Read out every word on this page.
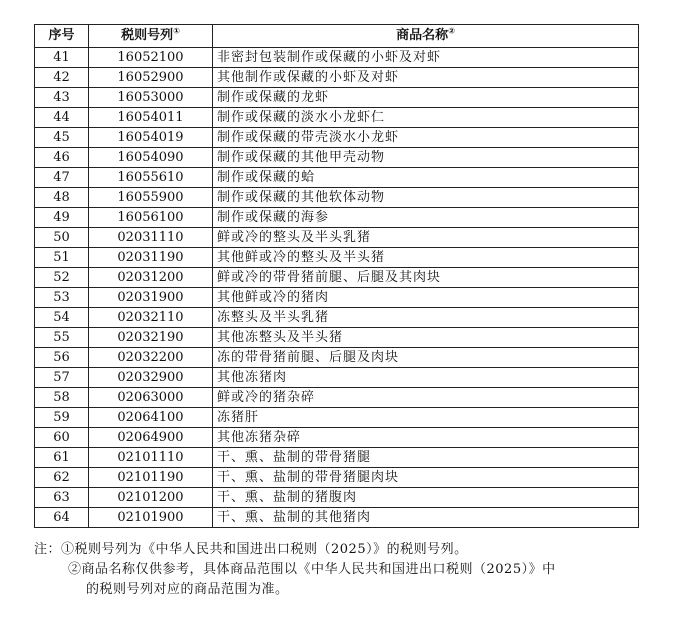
序号	税则号列①	商品名称②
41	16052100	非密封包装制作或保藏的小虾及对虾
42	16052900	其他制作或保藏的小虾及对虾
43	16053000	制作或保藏的龙虾
44	16054011	制作或保藏的淡水小龙虾仁
45	16054019	制作或保藏的带壳淡水小龙虾
46	16054090	制作或保藏的其他甲壳动物
47	16055610	制作或保藏的蛤
48	16055900	制作或保藏的其他软体动物
49	16056100	制作或保藏的海参
50	02031110	鲜或冷的整头及半头乳猪
51	02031190	其他鲜或冷的整头及半头猪
52	02031200	鲜或冷的带骨猪前腿、后腿及其肉块
53	02031900	其他鲜或冷的猪肉
54	02032110	冻整头及半头乳猪
55	02032190	其他冻整头及半头猪
56	02032200	冻的带骨猪前腿、后腿及肉块
57	02032900	其他冻猪肉
58	02063000	鲜或冷的猪杂碎
59	02064100	冻猪肝
60	02064900	其他冻猪杂碎
61	02101110	干、熏、盐制的带骨猪腿
62	02101190	干、熏、盐制的带骨猪腿肉块
63	02101200	干、熏、盐制的猪腹肉
64	02101900	干、熏、盐制的其他猪肉
注：①税则号列为《中华人民共和国进出口税则（2025）》的税则号列。
②商品名称仅供参考，具体商品范围以《中华人民共和国进出口税则（2025）》中
的税则号列对应的商品范围为准。
